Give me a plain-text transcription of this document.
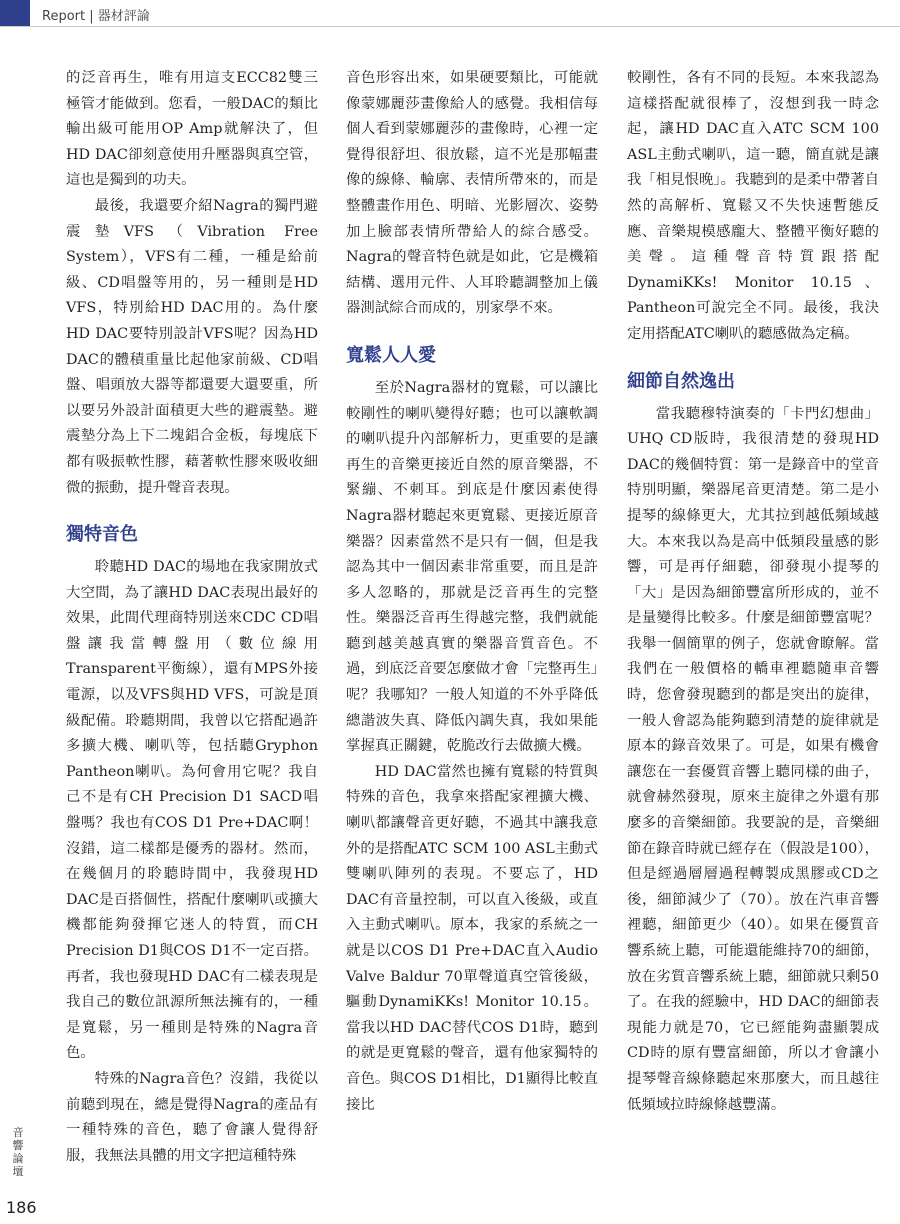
Report | 器材評論

的泛音再生，唯有用這支ECC82雙三極管才能做到。您看，一般DAC的類比輸出級可能用OP Amp就解決了，但HD DAC卻刻意使用升壓器與真空管，這也是獨到的功夫。

最後，我還要介紹Nagra的獨門避震墊VFS（Vibration Free System），VFS有二種，一種是給前級、CD唱盤等用的，另一種則是HD VFS，特別給HD DAC用的。為什麼HD DAC要特別設計VFS呢？因為HD DAC的體積重量比起他家前級、CD唱盤、唱頭放大器等都還要大還要重，所以要另外設計面積更大些的避震墊。避震墊分為上下二塊鋁合金板，每塊底下都有吸振軟性膠，藉著軟性膠來吸收細微的振動，提升聲音表現。

獨特音色

聆聽HD DAC的場地在我家開放式大空間，為了讓HD DAC表現出最好的效果，此間代理商特別送來CDC CD唱盤讓我當轉盤用（數位線用Transparent平衡線），還有MPS外接電源，以及VFS與HD VFS，可說是頂級配備。聆聽期間，我曾以它搭配過許多擴大機、喇叭等，包括聽Gryphon Pantheon喇叭。為何會用它呢？我自己不是有CH Precision D1 SACD唱盤嗎？我也有COS D1 Pre+DAC啊！沒錯，這二樣都是優秀的器材。然而，在幾個月的聆聽時間中，我發現HD DAC是百搭個性，搭配什麼喇叭或擴大機都能夠發揮它迷人的特質，而CH Precision D1與COS D1不一定百搭。再者，我也發現HD DAC有二樣表現是我自己的數位訊源所無法擁有的，一種是寬鬆，另一種則是特殊的Nagra音色。

特殊的Nagra音色？沒錯，我從以前聽到現在，總是覺得Nagra的產品有一種特殊的音色，聽了會讓人覺得舒服，我無法具體的用文字把這種特殊

音色形容出來，如果硬要類比，可能就像蒙娜麗莎畫像給人的感覺。我相信每個人看到蒙娜麗莎的畫像時，心裡一定覺得很舒坦、很放鬆，這不光是那幅畫像的線條、輪廓、表情所帶來的，而是整體畫作用色、明暗、光影層次、姿勢加上臉部表情所帶給人的綜合感受。Nagra的聲音特色就是如此，它是機箱結構、選用元件、人耳聆聽調整加上儀器測試綜合而成的，別家學不來。

寬鬆人人愛

至於Nagra器材的寬鬆，可以讓比較剛性的喇叭變得好聽；也可以讓軟調的喇叭提升內部解析力，更重要的是讓再生的音樂更接近自然的原音樂器，不緊繃、不刺耳。到底是什麼因素使得Nagra器材聽起來更寬鬆、更接近原音樂器？因素當然不是只有一個，但是我認為其中一個因素非常重要，而且是許多人忽略的，那就是泛音再生的完整性。樂器泛音再生得越完整，我們就能聽到越美越真實的樂器音質音色。不過，到底泛音要怎麼做才會「完整再生」呢？我哪知？一般人知道的不外乎降低總諧波失真、降低內調失真，我如果能掌握真正關鍵，乾脆改行去做擴大機。

HD DAC當然也擁有寬鬆的特質與特殊的音色，我拿來搭配家裡擴大機、喇叭都讓聲音更好聽，不過其中讓我意外的是搭配ATC SCM 100 ASL主動式雙喇叭陣列的表現。不要忘了，HD DAC有音量控制，可以直入後級，或直入主動式喇叭。原本，我家的系統之一就是以COS D1 Pre+DAC直入Audio Valve Baldur 70單聲道真空管後級，驅動DynamiKKs! Monitor 10.15。當我以HD DAC替代COS D1時，聽到的就是更寬鬆的聲音，還有他家獨特的音色。與COS D1相比，D1顯得比較直接比

較剛性，各有不同的長短。本來我認為這樣搭配就很棒了，沒想到我一時念起，讓HD DAC直入ATC SCM 100 ASL主動式喇叭，這一聽，簡直就是讓我「相見恨晚」。我聽到的是柔中帶著自然的高解析、寬鬆又不失快速暫態反應、音樂規模感龐大、整體平衡好聽的美聲。這種聲音特質跟搭配DynamiKKs! Monitor 10.15、Pantheon可說完全不同。最後，我決定用搭配ATC喇叭的聽感做為定稿。

細節自然逸出

當我聽穆特演奏的「卡門幻想曲」UHQ CD版時，我很清楚的發現HD DAC的幾個特質：第一是錄音中的堂音特別明顯，樂器尾音更清楚。第二是小提琴的線條更大，尤其拉到越低頻域越大。本來我以為是高中低頻段量感的影響，可是再仔細聽，卻發現小提琴的「大」是因為細節豐富所形成的，並不是量變得比較多。什麼是細節豐富呢？我舉一個簡單的例子，您就會瞭解。當我們在一般價格的轎車裡聽隨車音響時，您會發現聽到的都是突出的旋律，一般人會認為能夠聽到清楚的旋律就是原本的錄音效果了。可是，如果有機會讓您在一套優質音響上聽同樣的曲子，就會赫然發現，原來主旋律之外還有那麼多的音樂細節。我要說的是，音樂細節在錄音時就已經存在（假設是100），但是經過層層過程轉製成黑膠或CD之後，細節減少了（70）。放在汽車音響裡聽，細節更少（40）。如果在優質音響系統上聽，可能還能維持70的細節，放在劣質音響系統上聽，細節就只剩50了。在我的經驗中，HD DAC的細節表現能力就是70，它已經能夠盡顯製成CD時的原有豐富細節，所以才會讓小提琴聲音線條聽起來那麼大，而且越往低頻域拉時線條越豐滿。

音響論壇
186
